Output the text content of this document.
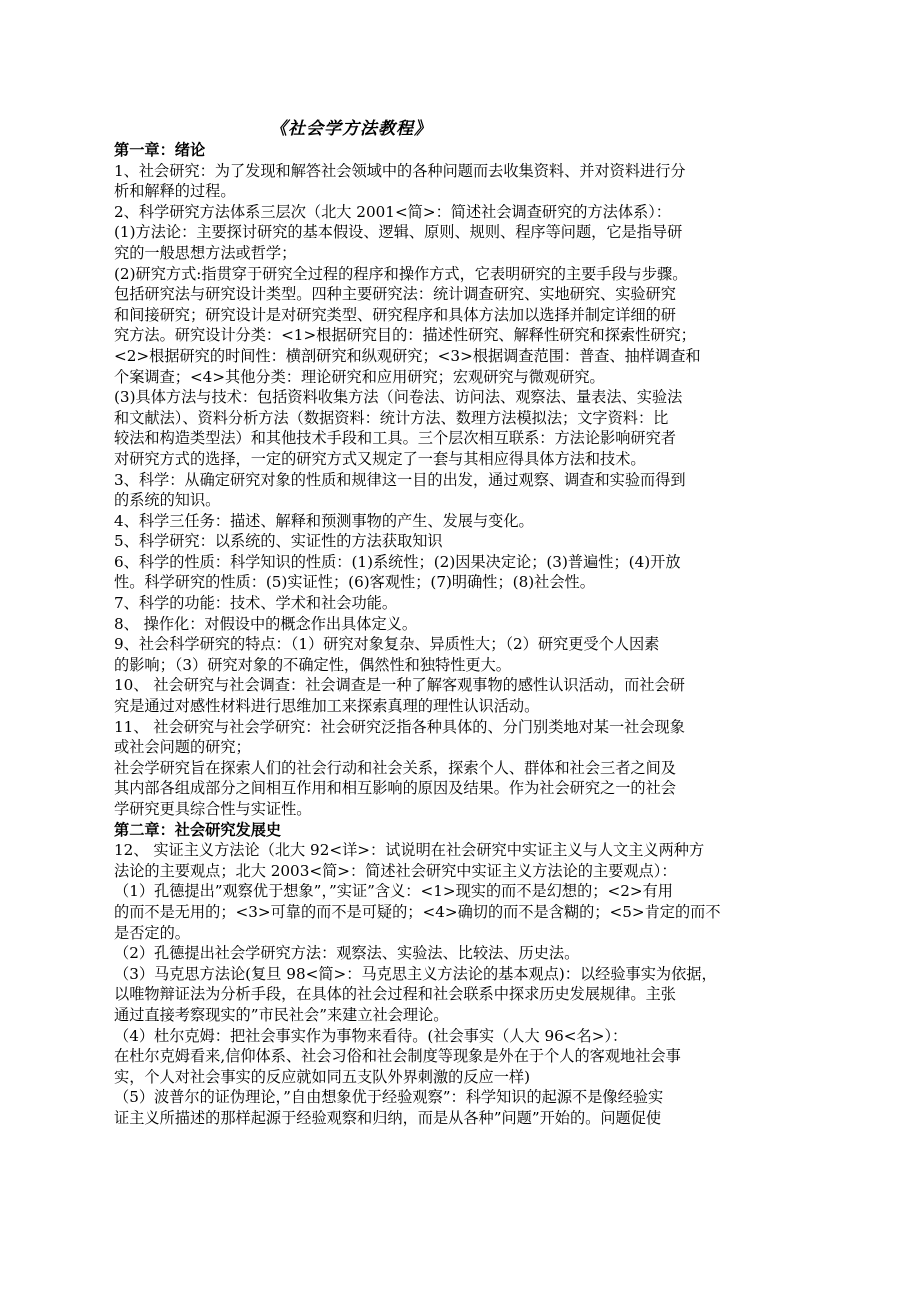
《社会学方法教程》
第一章：绪论
1、社会研究：为了发现和解答社会领域中的各种问题而去收集资料、并对资料进行分
析和解释的过程。
2、科学研究方法体系三层次（北大 2001<简>：简述社会调查研究的方法体系）：
(1)方法论：主要探讨研究的基本假设、逻辑、原则、规则、程序等问题，它是指导研
究的一般思想方法或哲学；
(2)研究方式:指贯穿于研究全过程的程序和操作方式，它表明研究的主要手段与步骤。
包括研究法与研究设计类型。四种主要研究法：统计调查研究、实地研究、实验研究
和间接研究；研究设计是对研究类型、研究程序和具体方法加以选择并制定详细的研
究方法。研究设计分类：<1>根据研究目的：描述性研究、解释性研究和探索性研究；
<2>根据研究的时间性：横剖研究和纵观研究；<3>根据调查范围：普查、抽样调查和
个案调查；<4>其他分类：理论研究和应用研究；宏观研究与微观研究。
(3)具体方法与技术：包括资料收集方法（问卷法、访问法、观察法、量表法、实验法
和文献法）、资料分析方法（数据资料：统计方法、数理方法模拟法；文字资料：比
较法和构造类型法）和其他技术手段和工具。三个层次相互联系：方法论影响研究者
对研究方式的选择，一定的研究方式又规定了一套与其相应得具体方法和技术。
3、科学：从确定研究对象的性质和规律这一目的出发，通过观察、调查和实验而得到
的系统的知识。
4、科学三任务：描述、解释和预测事物的产生、发展与变化。
5、科学研究：以系统的、实证性的方法获取知识
6、科学的性质：科学知识的性质：(1)系统性；(2)因果决定论；(3)普遍性；(4)开放
性。科学研究的性质：(5)实证性；(6)客观性；(7)明确性；(8)社会性。
7、科学的功能：技术、学术和社会功能。
8、 操作化：对假设中的概念作出具体定义。
9、社会科学研究的特点：（1）研究对象复杂、异质性大；（2）研究更受个人因素
的影响；（3）研究对象的不确定性，偶然性和独特性更大。
10、 社会研究与社会调查：社会调查是一种了解客观事物的感性认识活动，而社会研
究是通过对感性材料进行思维加工来探索真理的理性认识活动。
11、 社会研究与社会学研究：社会研究泛指各种具体的、分门别类地对某一社会现象
或社会问题的研究；
社会学研究旨在探索人们的社会行动和社会关系，探索个人、群体和社会三者之间及
其内部各组成部分之间相互作用和相互影响的原因及结果。作为社会研究之一的社会
学研究更具综合性与实证性。
第二章：社会研究发展史
12、 实证主义方法论（北大 92<详>：试说明在社会研究中实证主义与人文主义两种方
法论的主要观点；北大 2003<简>：简述社会研究中实证主义方法论的主要观点）：
（1）孔德提出”观察优于想象”，”实证”含义：<1>现实的而不是幻想的；<2>有用
的而不是无用的；<3>可靠的而不是可疑的；<4>确切的而不是含糊的；<5>肯定的而不
是否定的。
（2）孔德提出社会学研究方法：观察法、实验法、比较法、历史法。
（3）马克思方法论(复旦 98<简>：马克思主义方法论的基本观点)：以经验事实为依据，
以唯物辩证法为分析手段，在具体的社会过程和社会联系中探求历史发展规律。主张
通过直接考察现实的”市民社会”来建立社会理论。
（4）杜尔克姆：把社会事实作为事物来看待。(社会事实（人大 96<名>）：
在杜尔克姆看来,信仰体系、社会习俗和社会制度等现象是外在于个人的客观地社会事
实，个人对社会事实的反应就如同五支队外界刺激的反应一样)
（5）波普尔的证伪理论，”自由想象优于经验观察”：科学知识的起源不是像经验实
证主义所描述的那样起源于经验观察和归纳，而是从各种”问题”开始的。问题促使
